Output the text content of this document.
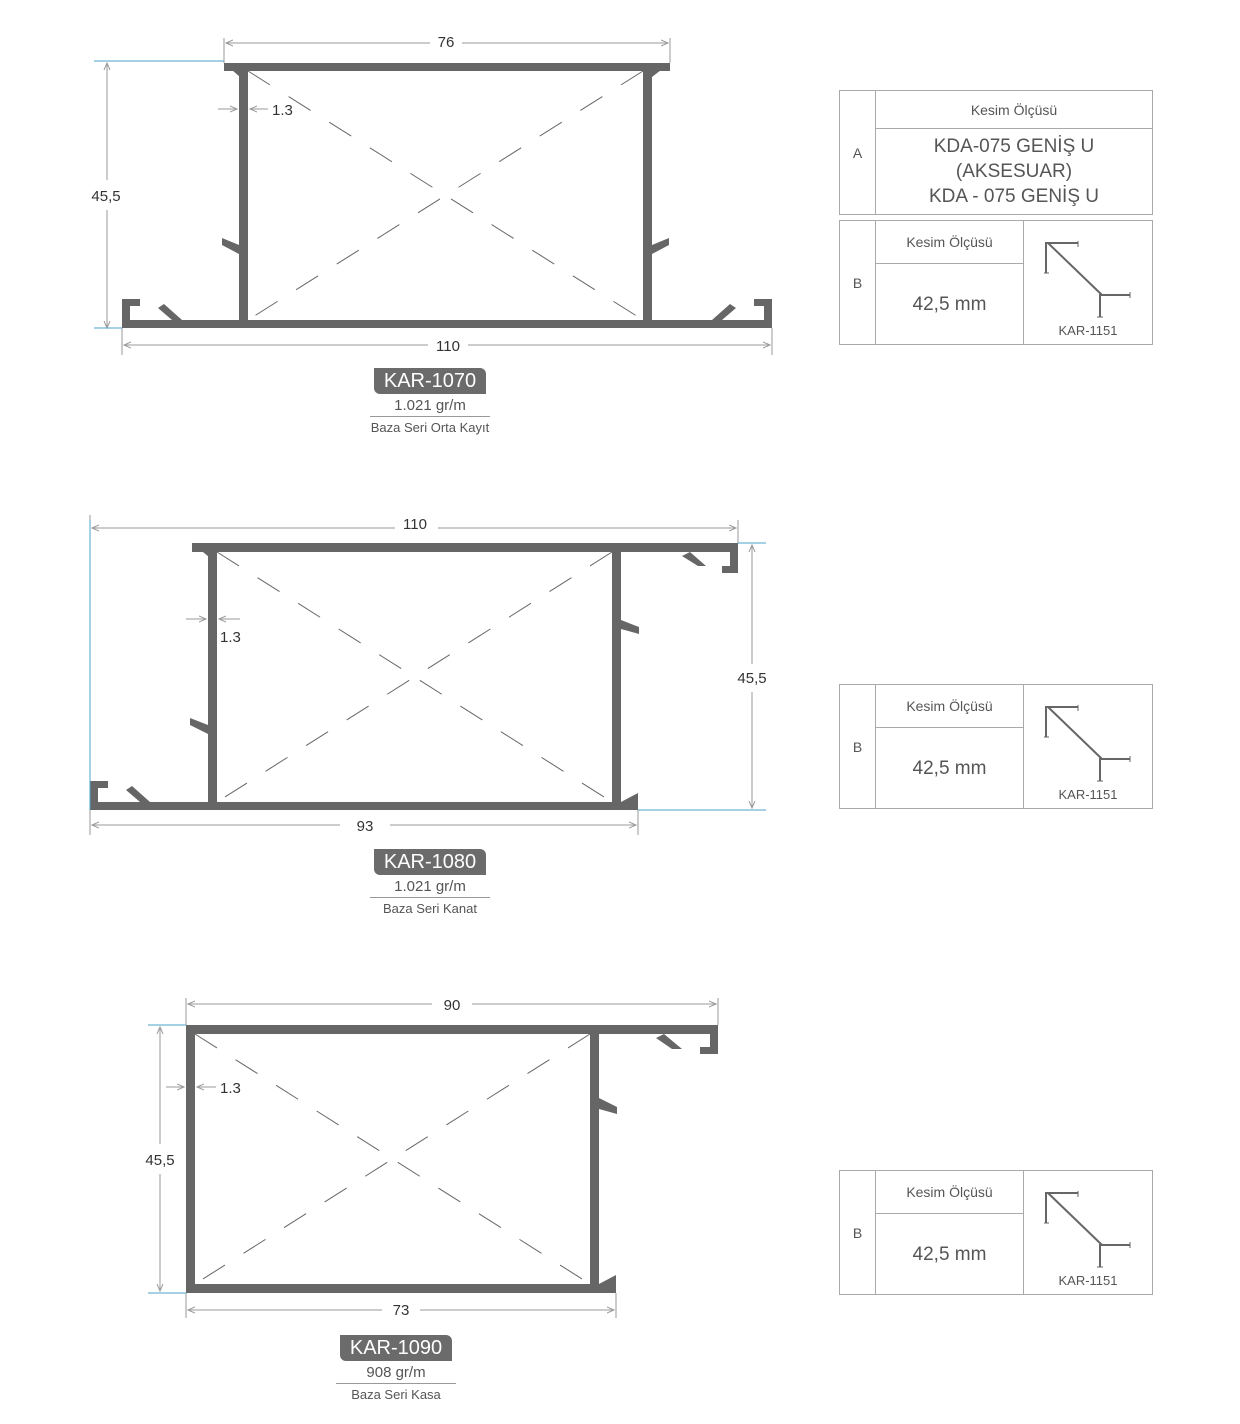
76
110
45,5
1.3
110
93
45,5
1.3
90
73
45,5
1.3
KAR-1070
1.021 gr/m
Baza Seri Orta Kayıt
KAR-1080
1.021 gr/m
Baza Seri Kanat
KAR-1090
908 gr/m
Baza Seri Kasa
A
Kesim Ölçüsü
KDA-075 GENİŞ U (AKSESUAR)
KDA - 075 GENİŞ U
B
Kesim Ölçüsü
42,5 mm
KAR-1151
B
Kesim Ölçüsü
42,5 mm
KAR-1151
B
Kesim Ölçüsü
42,5 mm
KAR-1151
